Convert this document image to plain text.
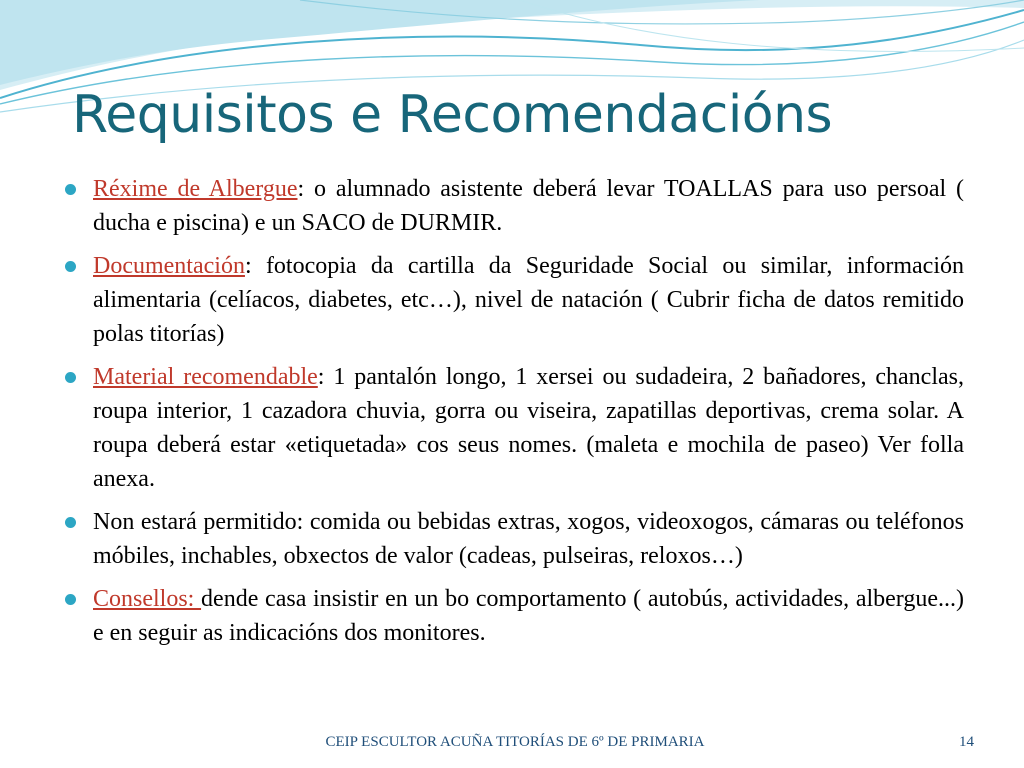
Requisitos e Recomendacións
Réxime de Albergue: o alumnado asistente deberá levar TOALLAS para uso persoal ( ducha e piscina) e un SACO de DURMIR.
Documentación: fotocopia da cartilla da Seguridade Social ou similar, información alimentaria (celíacos, diabetes, etc…), nivel de natación ( Cubrir ficha de datos remitido polas titorías)
Material recomendable: 1 pantalón longo, 1 xersei ou sudadeira, 2 bañadores, chanclas, roupa interior, 1 cazadora chuvia, gorra ou viseira, zapatillas deportivas, crema solar. A roupa deberá estar «etiquetada» cos seus nomes. (maleta e mochila de paseo) Ver folla anexa.
Non estará permitido: comida ou bebidas extras, xogos, videoxogos, cámaras ou teléfonos móbiles, inchables, obxectos de valor (cadeas, pulseiras, reloxos…)
Consellos: dende casa insistir en un bo comportamento ( autobús, actividades, albergue...) e en seguir as indicacións dos monitores.
CEIP ESCULTOR ACUÑA TITORÍAS DE 6º DE PRIMARIA	14
